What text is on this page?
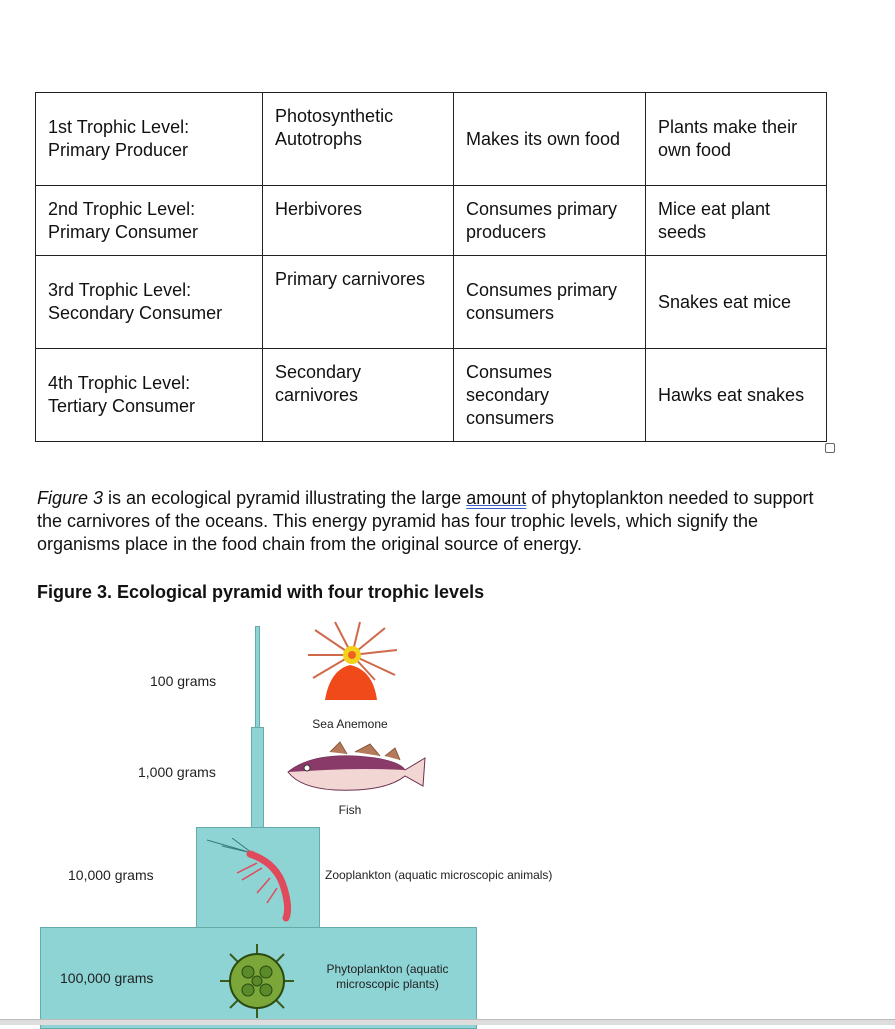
1st Trophic Level: Primary Producer	Photosynthetic Autotrophs	Makes its own food	Plants make their own food
2nd Trophic Level: Primary Consumer	Herbivores	Consumes primary producers	Mice eat plant seeds
3rd Trophic Level: Secondary Consumer	Primary carnivores	Consumes primary consumers	Snakes eat mice
4th Trophic Level: Tertiary Consumer	Secondary carnivores	Consumes secondary consumers	Hawks eat snakes
Figure 3 is an ecological pyramid illustrating the large amount of phytoplankton needed to support the carnivores of the oceans. This energy pyramid has four trophic levels, which signify the organisms place in the food chain from the original source of energy.
Figure 3. Ecological pyramid with four trophic levels
100 grams
1,000 grams
10,000 grams
100,000 grams
Sea Anemone
Fish
Zooplankton (aquatic microscopic animals)
Phytoplankton (aquatic microscopic plants)
